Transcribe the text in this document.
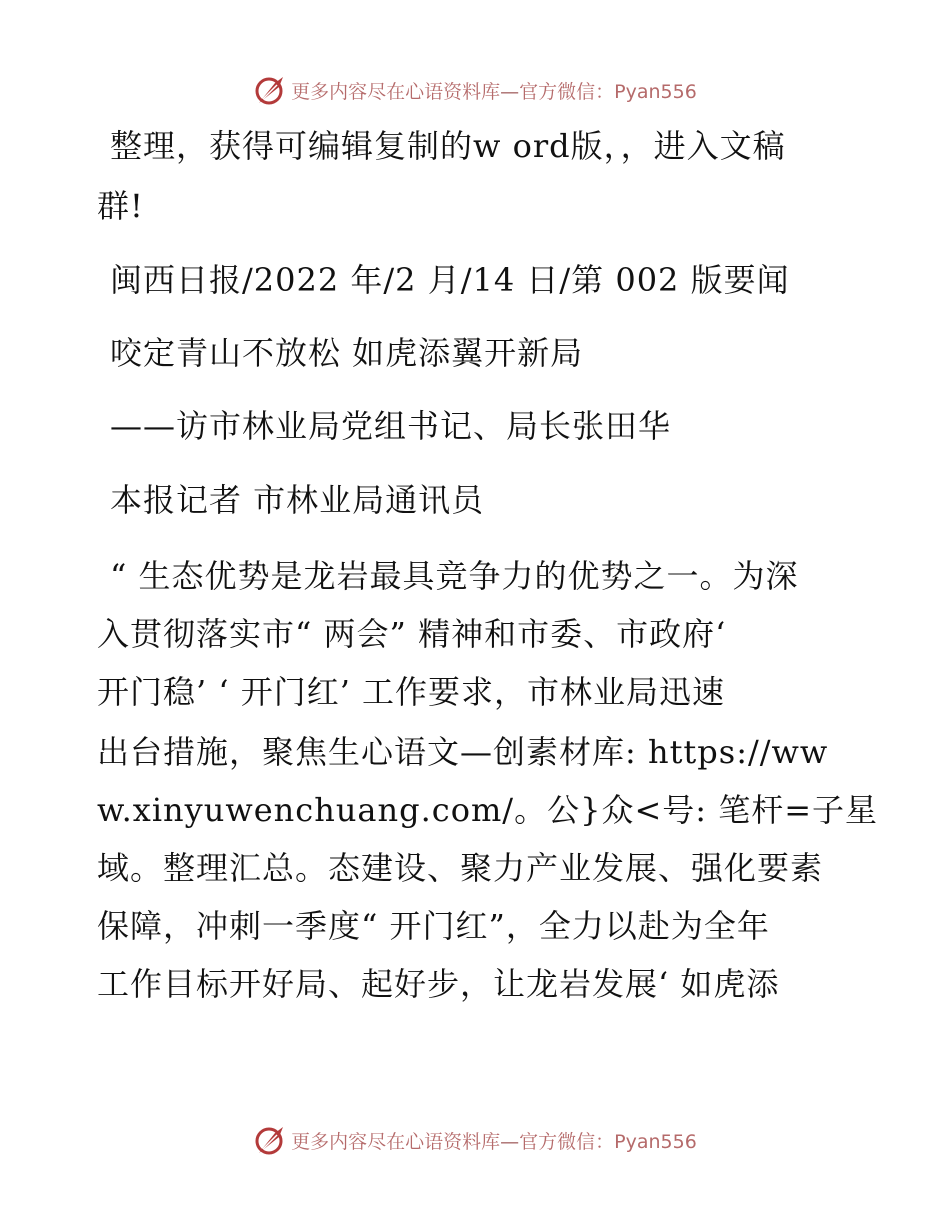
更多内容尽在心语资料库—官方微信：Pyan556
整理，获得可编辑复制的w ord版，，进入文稿
群!
闽西日报/2022 年/2 月/14 日/第 002 版要闻
咬定青山不放松 如虎添翼开新局
——访市林业局党组书记、局长张田华
本报记者 市林业局通讯员
“ 生态优势是龙岩最具竞争力的优势之一。为深
入贯彻落实市“ 两会” 精神和市委、市政府‘
开门稳’ ‘ 开门红’ 工作要求，市林业局迅速
出台措施，聚焦生心语文—创素材库: https://ww
w.xinyuwenchuang.com/。公}众<号: 笔杆=子星
域。整理汇总。态建设、聚力产业发展、强化要素
保障，冲刺一季度“ 开门红”，全力以赴为全年
工作目标开好局、起好步，让龙岩发展‘ 如虎添
更多内容尽在心语资料库—官方微信：Pyan556
